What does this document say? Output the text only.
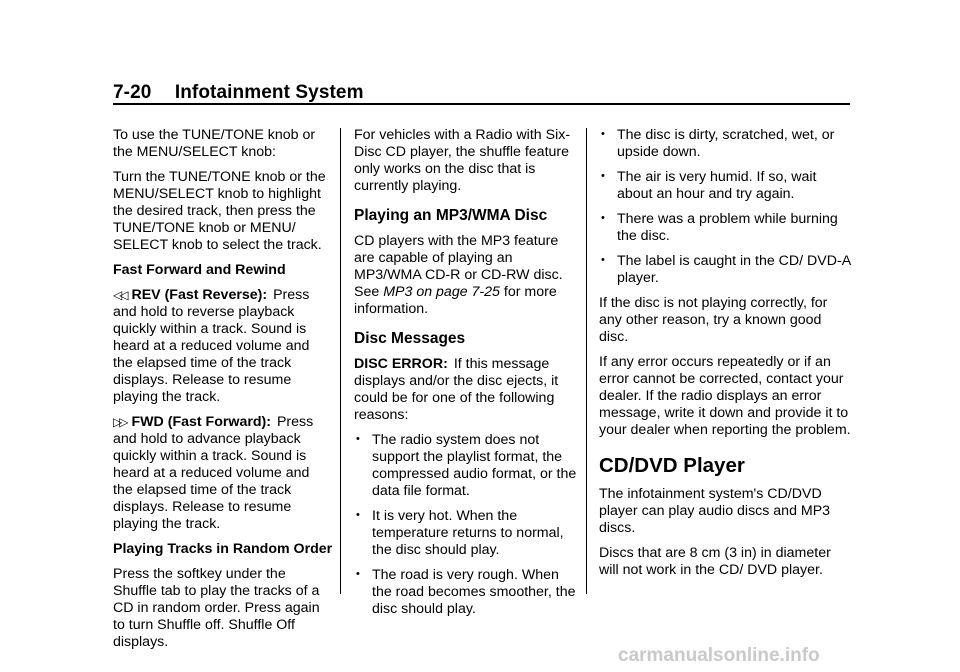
7-20 Infotainment System

To use the TUNE/TONE knob or the MENU/SELECT knob:

Turn the TUNE/TONE knob or the MENU/SELECT knob to highlight the desired track, then press the TUNE/TONE knob or MENU/ SELECT knob to select the track.

Fast Forward and Rewind

◁◁ REV (Fast Reverse): Press and hold to reverse playback quickly within a track. Sound is heard at a reduced volume and the elapsed time of the track displays. Release to resume playing the track.

▷▷ FWD (Fast Forward): Press and hold to advance playback quickly within a track. Sound is heard at a reduced volume and the elapsed time of the track displays. Release to resume playing the track.

Playing Tracks in Random Order

Press the softkey under the Shuffle tab to play the tracks of a CD in random order. Press again to turn Shuffle off. Shuffle Off displays.

For vehicles with a Radio with Six-Disc CD player, the shuffle feature only works on the disc that is currently playing.

Playing an MP3/WMA Disc

CD players with the MP3 feature are capable of playing an MP3/WMA CD-R or CD-RW disc. See MP3 on page 7-25 for more information.

Disc Messages

DISC ERROR: If this message displays and/or the disc ejects, it could be for one of the following reasons:

• The radio system does not support the playlist format, the compressed audio format, or the data file format.
• It is very hot. When the temperature returns to normal, the disc should play.
• The road is very rough. When the road becomes smoother, the disc should play.
• The disc is dirty, scratched, wet, or upside down.
• The air is very humid. If so, wait about an hour and try again.
• There was a problem while burning the disc.
• The label is caught in the CD/ DVD-A player.

If the disc is not playing correctly, for any other reason, try a known good disc.

If any error occurs repeatedly or if an error cannot be corrected, contact your dealer. If the radio displays an error message, write it down and provide it to your dealer when reporting the problem.

CD/DVD Player

The infotainment system's CD/DVD player can play audio discs and MP3 discs.

Discs that are 8 cm (3 in) in diameter will not work in the CD/ DVD player.

carmanualsonline.info
